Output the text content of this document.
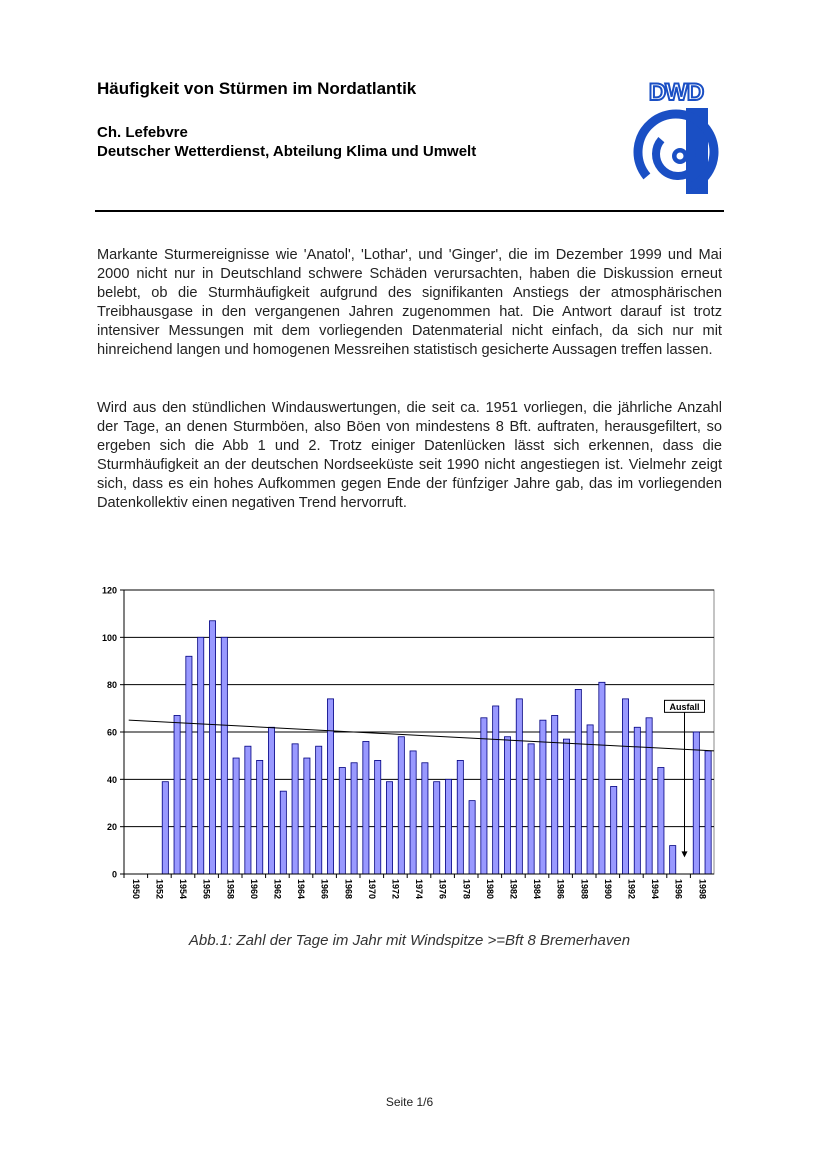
Häufigkeit von Stürmen im Nordatlantik
Ch. Lefebvre
Deutscher Wetterdienst, Abteilung Klima und Umwelt
DWD

Markante Sturmereignisse wie 'Anatol', 'Lothar', und 'Ginger', die im Dezember 1999 und Mai 2000 nicht nur in Deutschland schwere Schäden verursachten, haben die Diskussion erneut belebt, ob die Sturmhäufigkeit aufgrund des signifikanten Anstiegs der atmosphärischen Treibhausgase in den vergangenen Jahren zugenommen hat. Die Antwort darauf ist trotz intensiver Messungen mit dem vorliegenden Datenmaterial nicht einfach, da sich nur mit hinreichend langen und homogenen Messreihen statistisch gesicherte Aussagen treffen lassen.

Wird aus den stündlichen Windauswertungen, die seit ca. 1951 vorliegen, die jährliche Anzahl der Tage, an denen Sturmböen, also Böen von mindestens 8 Bft. auftraten, herausgefiltert, so ergeben sich die Abb 1 und 2. Trotz einiger Datenlücken lässt sich erkennen, dass die Sturmhäufigkeit an der deutschen Nordseeküste seit 1990 nicht angestiegen ist. Vielmehr zeigt sich, dass es ein hohes Aufkommen gegen Ende der fünfziger Jahre gab, das im vorliegenden Datenkollektiv einen negativen Trend hervorruft.

0
20
40
60
80
100
120
1950 1952 1954 1956 1958 1960 1962 1964 1966 1968 1970 1972 1974 1976 1978 1980 1982 1984 1986 1988 1990 1992 1994 1996 1998
Ausfall
Abb.1: Zahl der Tage im Jahr mit Windspitze >=Bft 8 Bremerhaven
Seite 1/6
